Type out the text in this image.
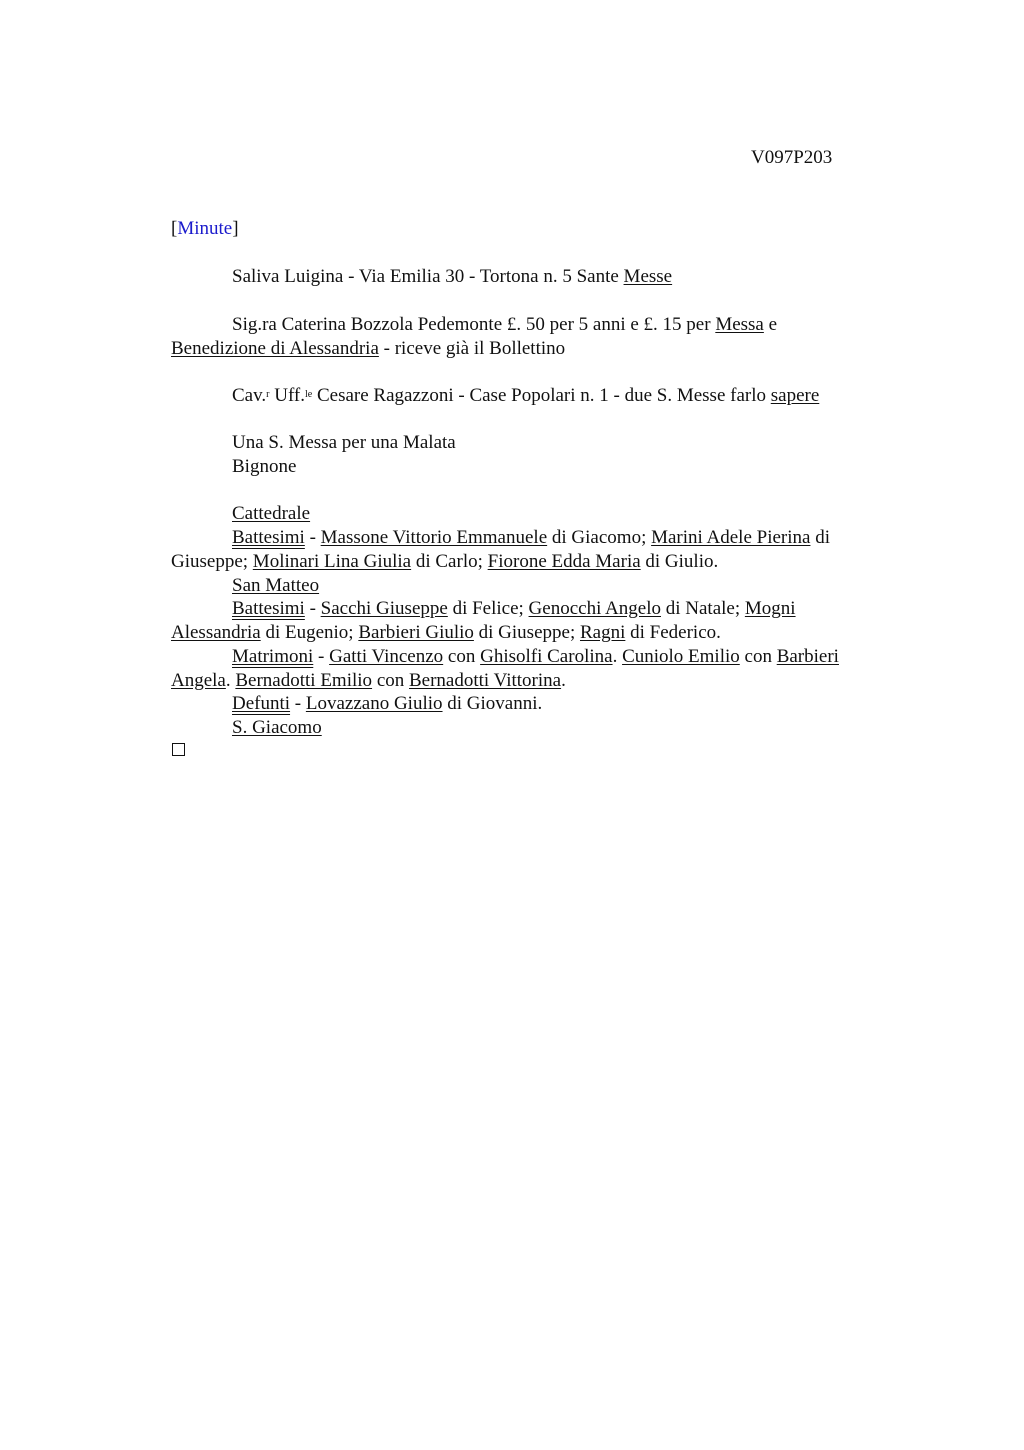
V097P203
[Minute]
Saliva Luigina - Via Emilia 30 - Tortona n. 5 Sante Messe
Sig.ra Caterina Bozzola Pedemonte £. 50 per 5 anni e £. 15 per Messa e
Benedizione di Alessandria - riceve già il Bollettino
Cav.$^r$ Uff.$^{le}$ Cesare Ragazzoni - Case Popolari n. 1 - due S. Messe farlo sapere
Una S. Messa per una Malata
Bignone
Cattedrale
Battesimi - Massone Vittorio Emmanuele di Giacomo; Marini Adele Pierina di
Giuseppe; Molinari Lina Giulia di Carlo; Fiorone Edda Maria di Giulio.
San Matteo
Battesimi - Sacchi Giuseppe di Felice; Genocchi Angelo di Natale; Mogni
Alessandria di Eugenio; Barbieri Giulio di Giuseppe; Ragni di Federico.
Matrimoni - Gatti Vincenzo con Ghisolfi Carolina. Cuniolo Emilio con Barbieri
Angela. Bernadotti Emilio con Bernadotti Vittorina.
Defunti - Lovazzano Giulio di Giovanni.
S. Giacomo
